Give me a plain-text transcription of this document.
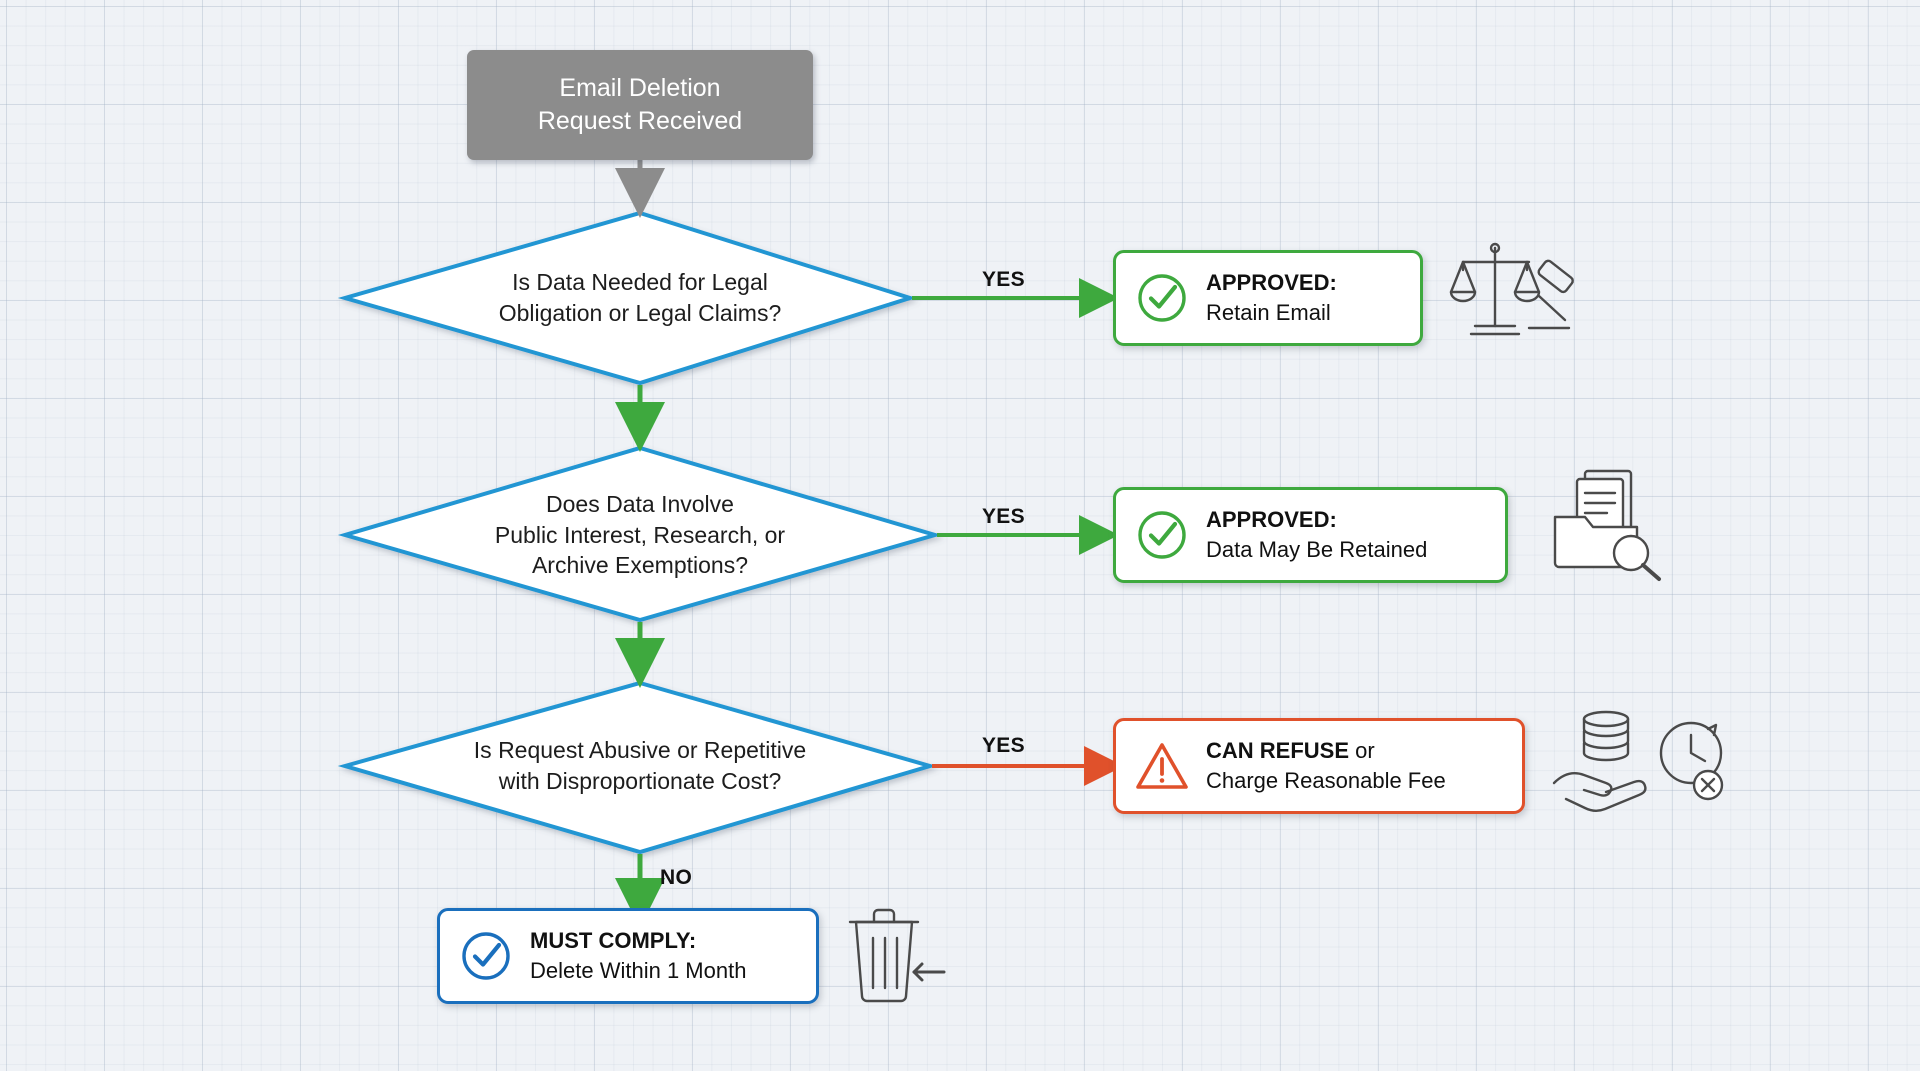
Email Deletion
Request Received
Is Data Needed for Legal
Obligation or Legal Claims?
Does Data Involve
Public Interest, Research, or
Archive Exemptions?
Is Request Abusive or Repetitive
with Disproportionate Cost?
YES
YES
YES
NO
APPROVED:
Retain Email
APPROVED:
Data May Be Retained
CAN REFUSE or
Charge Reasonable Fee
MUST COMPLY:
Delete Within 1 Month
